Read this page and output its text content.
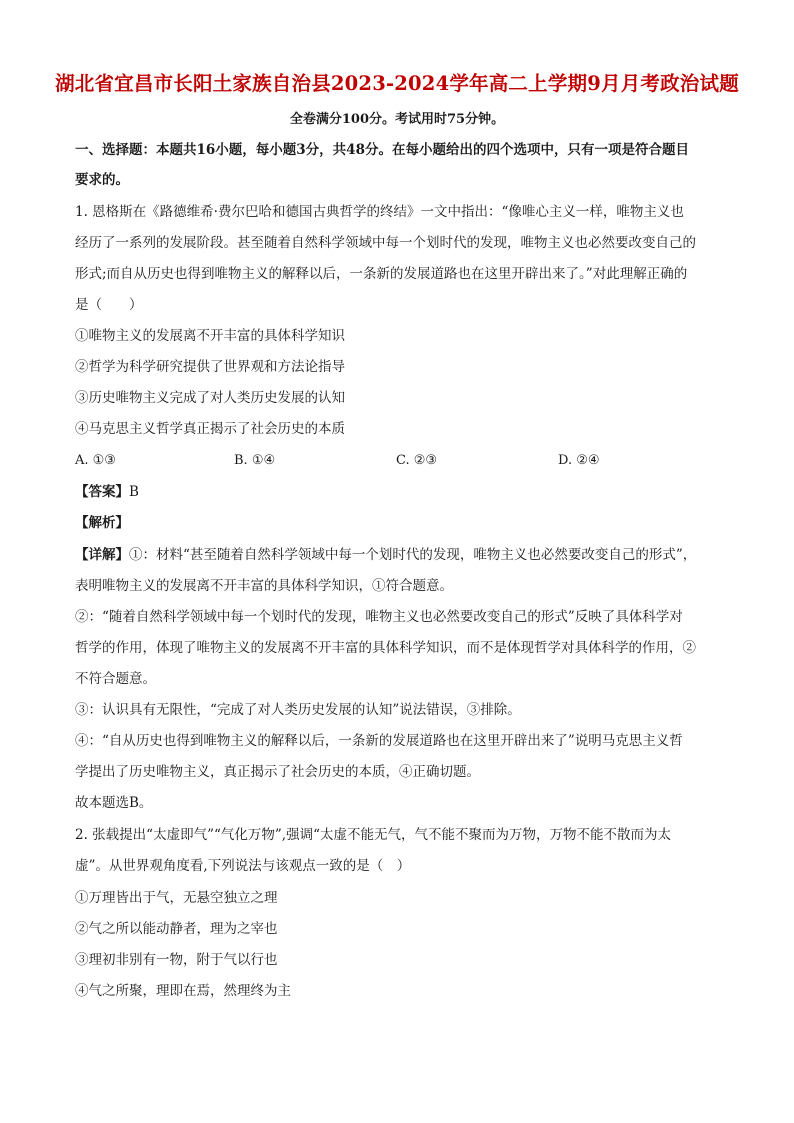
湖北省宜昌市长阳土家族自治县2023-2024学年高二上学期9月月考政治试题
全卷满分100分。考试用时75分钟。
一、选择题：本题共16小题，每小题3分，共48分。在每小题给出的四个选项中，只有一项是符合题目
要求的。
1. 恩格斯在《路德维希·费尔巴哈和德国古典哲学的终结》一文中指出：“像唯心主义一样，唯物主义也
经历了一系列的发展阶段。甚至随着自然科学领域中每一个划时代的发现，唯物主义也必然要改变自己的
形式;而自从历史也得到唯物主义的解释以后，一条新的发展道路也在这里开辟出来了。”对此理解正确的
是（　　）
①唯物主义的发展离不开丰富的具体科学知识
②哲学为科学研究提供了世界观和方法论指导
③历史唯物主义完成了对人类历史发展的认知
④马克思主义哲学真正揭示了社会历史的本质
A. ①③	B. ①④	C. ②③	D. ②④
【答案】B
【解析】
【详解】①：材料“甚至随着自然科学领域中每一个划时代的发现，唯物主义也必然要改变自己的形式”，
表明唯物主义的发展离不开丰富的具体科学知识，①符合题意。
②：“随着自然科学领域中每一个划时代的发现，唯物主义也必然要改变自己的形式”反映了具体科学对
哲学的作用，体现了唯物主义的发展离不开丰富的具体科学知识，而不是体现哲学对具体科学的作用，②
不符合题意。
③：认识具有无限性，“完成了对人类历史发展的认知”说法错误，③排除。
④：“自从历史也得到唯物主义的解释以后，一条新的发展道路也在这里开辟出来了”说明马克思主义哲
学提出了历史唯物主义，真正揭示了社会历史的本质，④正确切题。
故本题选B。
2. 张载提出“太虚即气”“气化万物”,强调“太虚不能无气，气不能不聚而为万物，万物不能不散而为太
虚”。从世界观角度看,下列说法与该观点一致的是（　）
①万理皆出于气，无悬空独立之理
②气之所以能动静者，理为之宰也
③理初非别有一物，附于气以行也
④气之所聚，理即在焉，然理终为主
